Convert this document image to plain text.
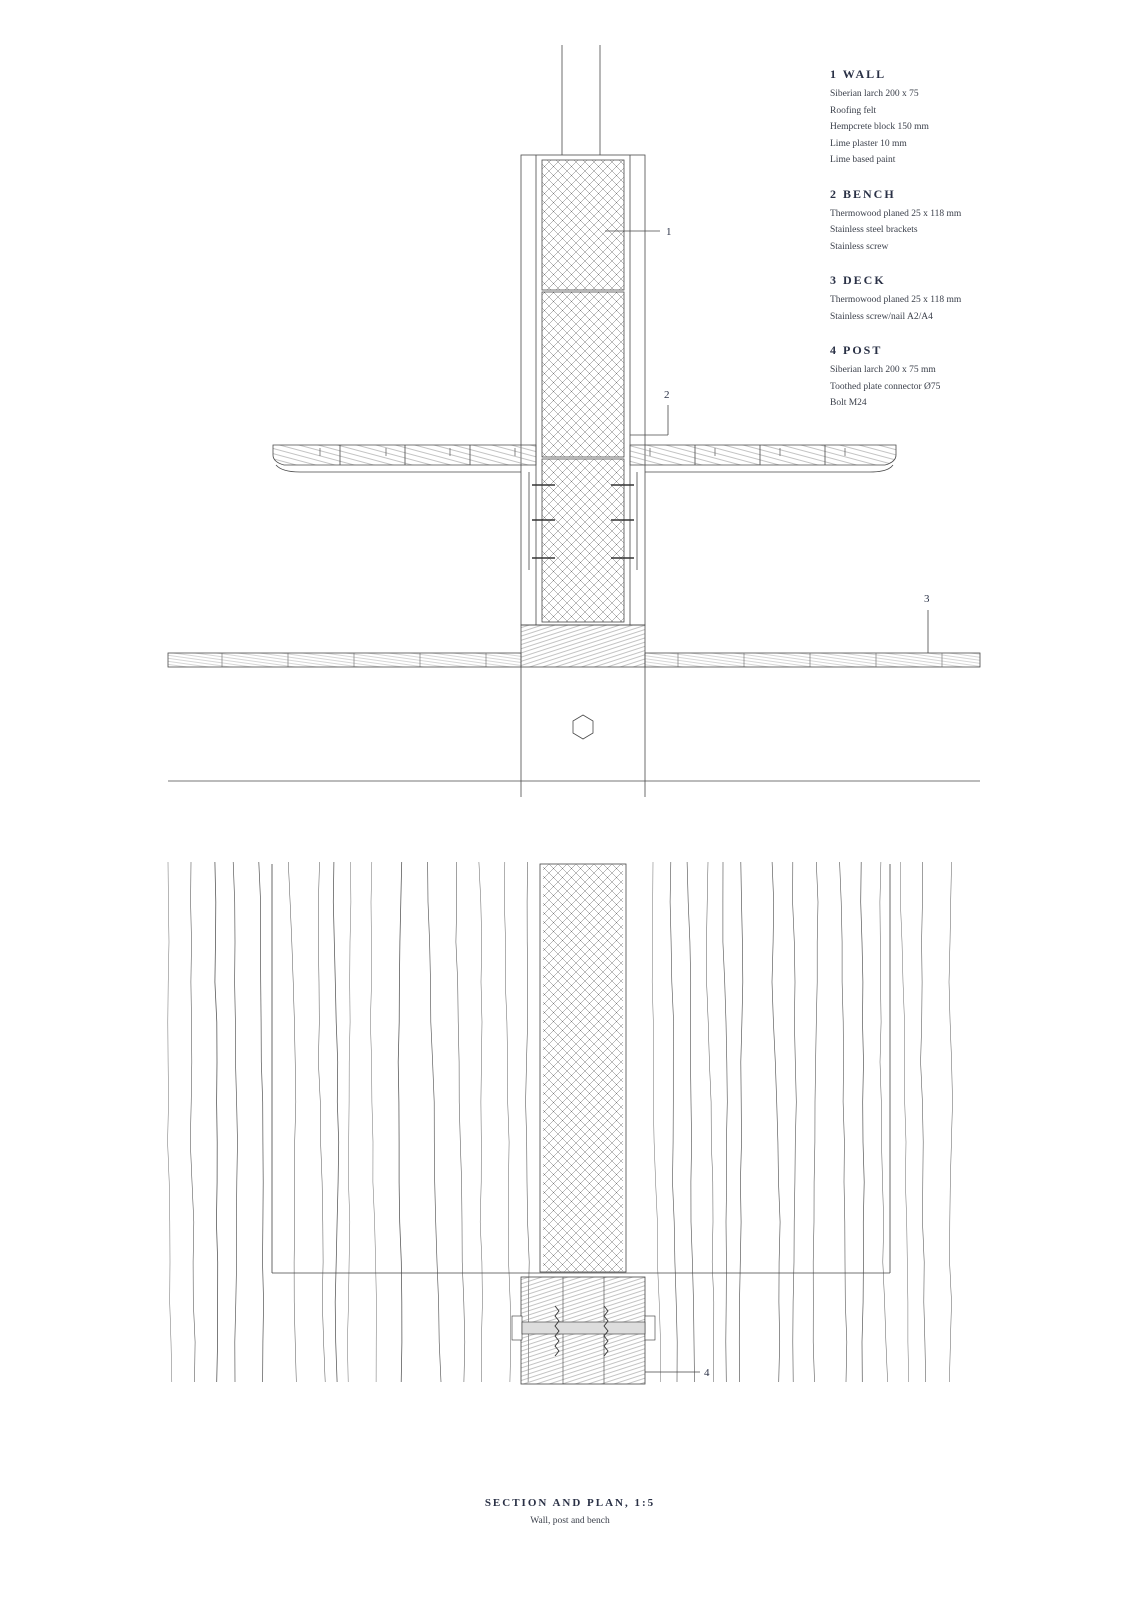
1
2
3
4
1 WALL
Siberian larch 200 x 75
Roofing felt
Hempcrete block 150 mm
Lime plaster 10 mm
Lime based paint
2 BENCH
Thermowood planed 25 x 118 mm
Stainless steel brackets
Stainless screw
3 DECK
Thermowood planed 25 x 118 mm
Stainless screw/nail A2/A4
4 POST
Siberian larch 200 x 75 mm
Toothed plate connector Ø75
Bolt M24
SECTION AND PLAN, 1:5
Wall, post and bench
